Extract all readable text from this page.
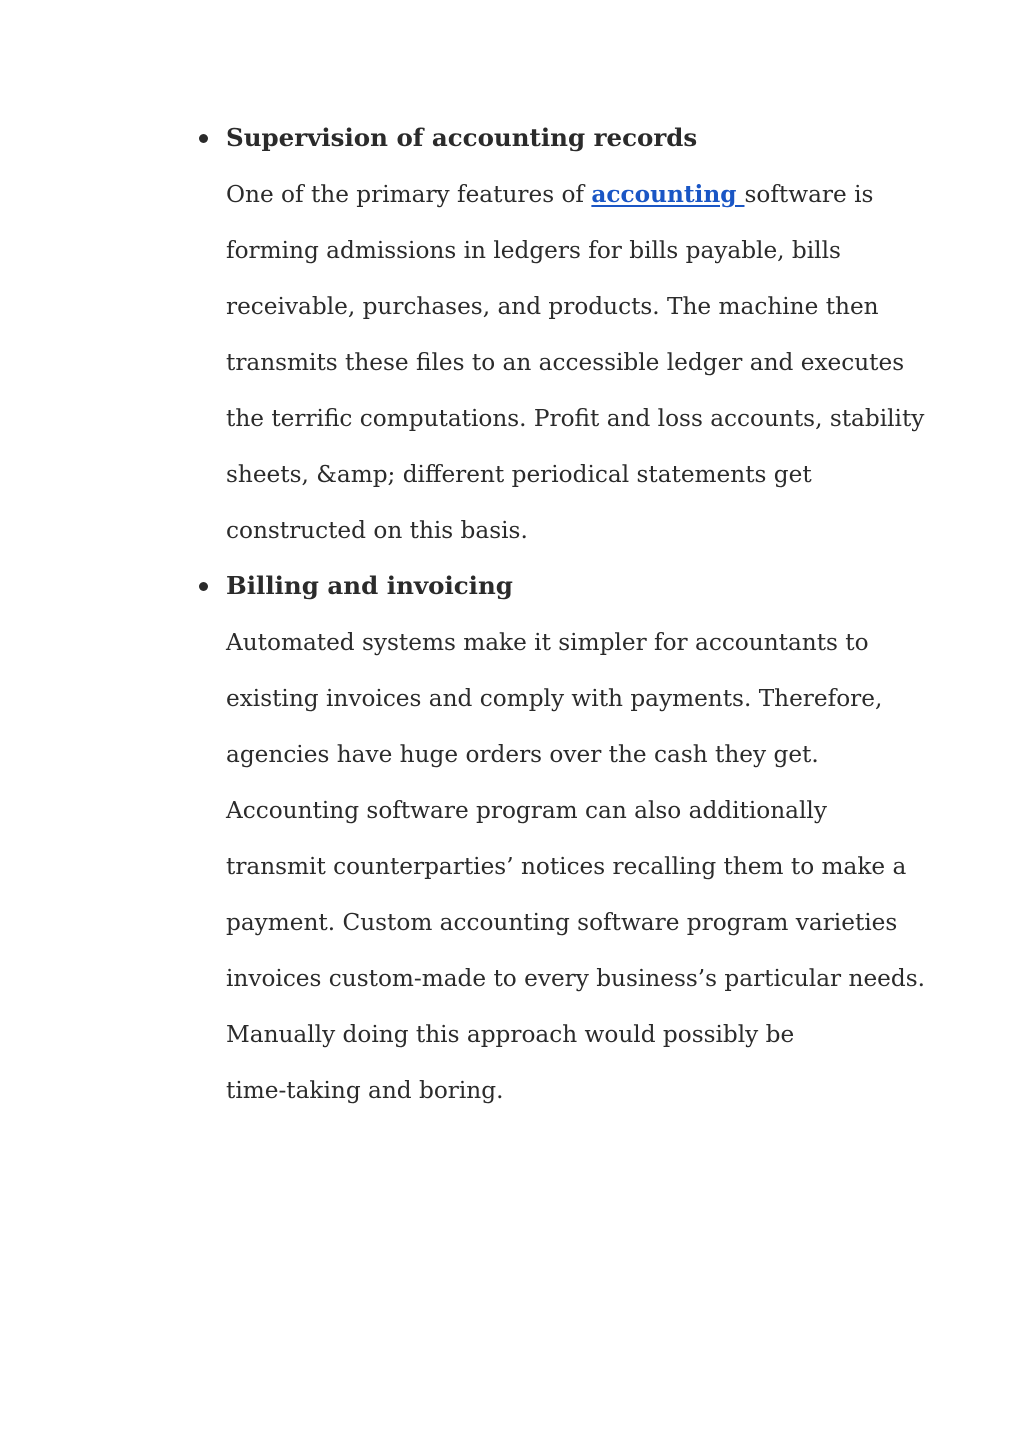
Supervision of accounting records
One of the primary features of accounting software is
forming admissions in ledgers for bills payable, bills
receivable, purchases, and products. The machine then
transmits these files to an accessible ledger and executes
the terrific computations. Profit and loss accounts, stability
sheets, &amp; different periodical statements get
constructed on this basis.
Billing and invoicing
Automated systems make it simpler for accountants to
existing invoices and comply with payments. Therefore,
agencies have huge orders over the cash they get.
Accounting software program can also additionally
transmit counterparties’ notices recalling them to make a
payment. Custom accounting software program varieties
invoices custom-made to every business’s particular needs.
Manually doing this approach would possibly be
time-taking and boring.
